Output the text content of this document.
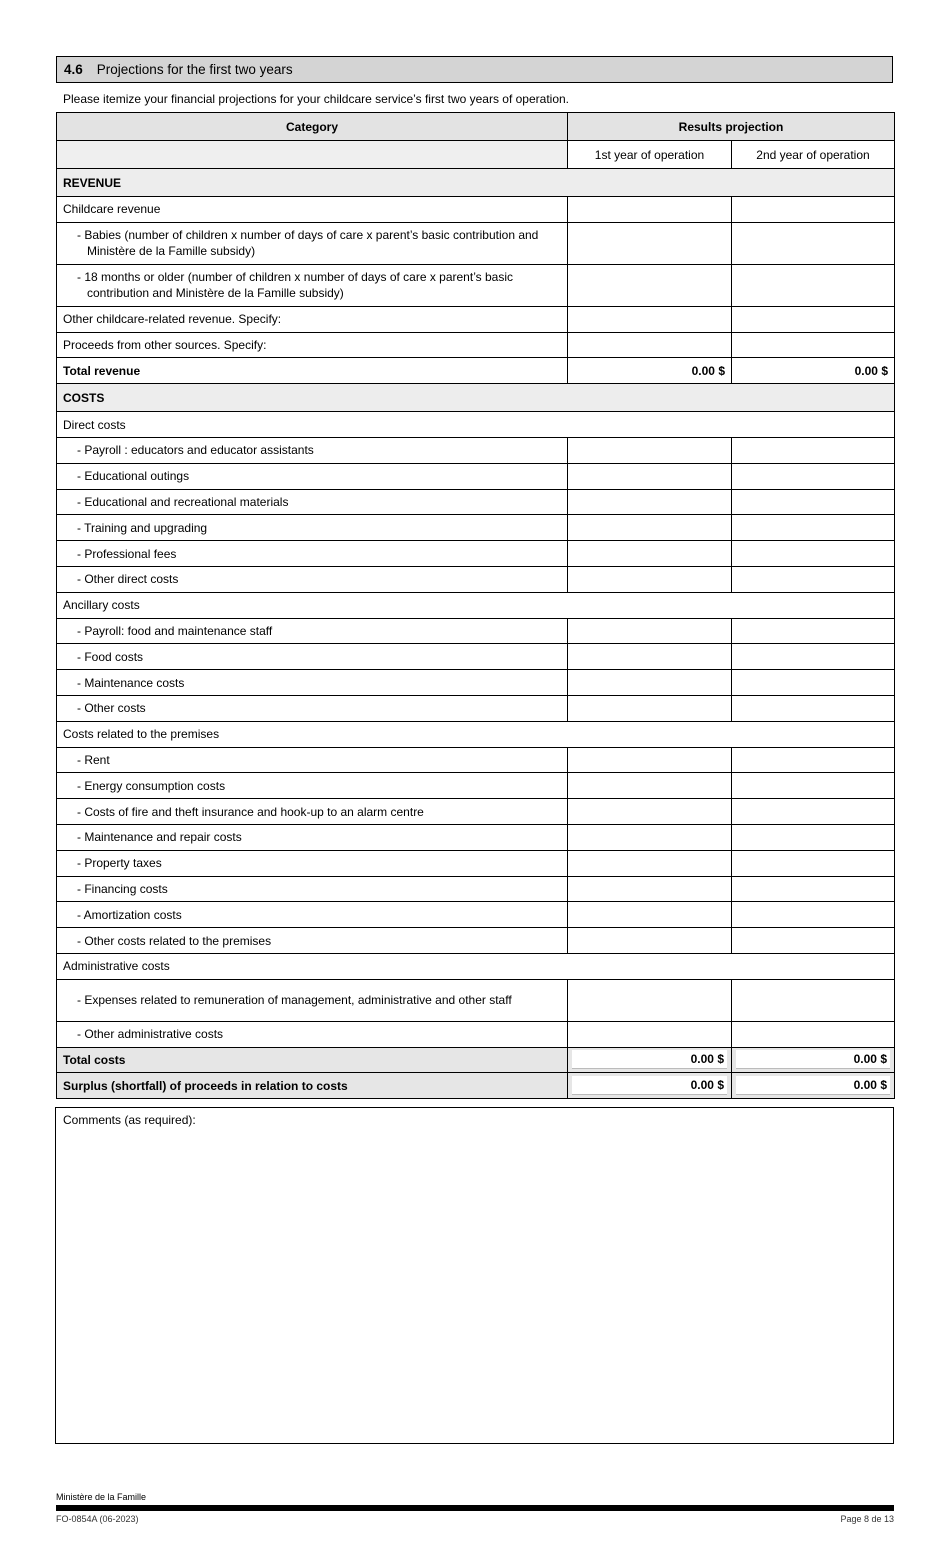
4.6 Projections for the first two years
Please itemize your financial projections for your childcare service’s first two years of operation.
Category	Results projection	
	1st year of operation	2nd year of operation
REVENUE		
Childcare revenue		
- Babies (number of children x number of days of care x parent’s basic contribution and Ministère de la Famille subsidy)		
- 18 months or older (number of children x number of days of care x parent’s basic contribution and Ministère de la Famille subsidy)		
Other childcare-related revenue. Specify:		
Proceeds from other sources. Specify:		
Total revenue	0.00 $	0.00 $
COSTS		
Direct costs		
- Payroll : educators and educator assistants		
- Educational outings		
- Educational and recreational materials		
- Training and upgrading		
- Professional fees		
- Other direct costs		
Ancillary costs		
- Payroll: food and maintenance staff		
- Food costs		
- Maintenance costs		
- Other costs		
Costs related to the premises		
- Rent		
- Energy consumption costs		
- Costs of fire and theft insurance and hook-up to an alarm centre		
- Maintenance and repair costs		
- Property taxes		
- Financing costs		
- Amortization costs		
- Other costs related to the premises		
Administrative costs		
- Expenses related to remuneration of management, administrative and other staff		
- Other administrative costs		
Total costs	0.00 $	0.00 $

Surplus (shortfall) of proceeds in relation to costs	0.00 $	0.00 $
Comments (as required):
Ministère de la Famille
FO-0854A (06-2023)	Page 8 de 13
